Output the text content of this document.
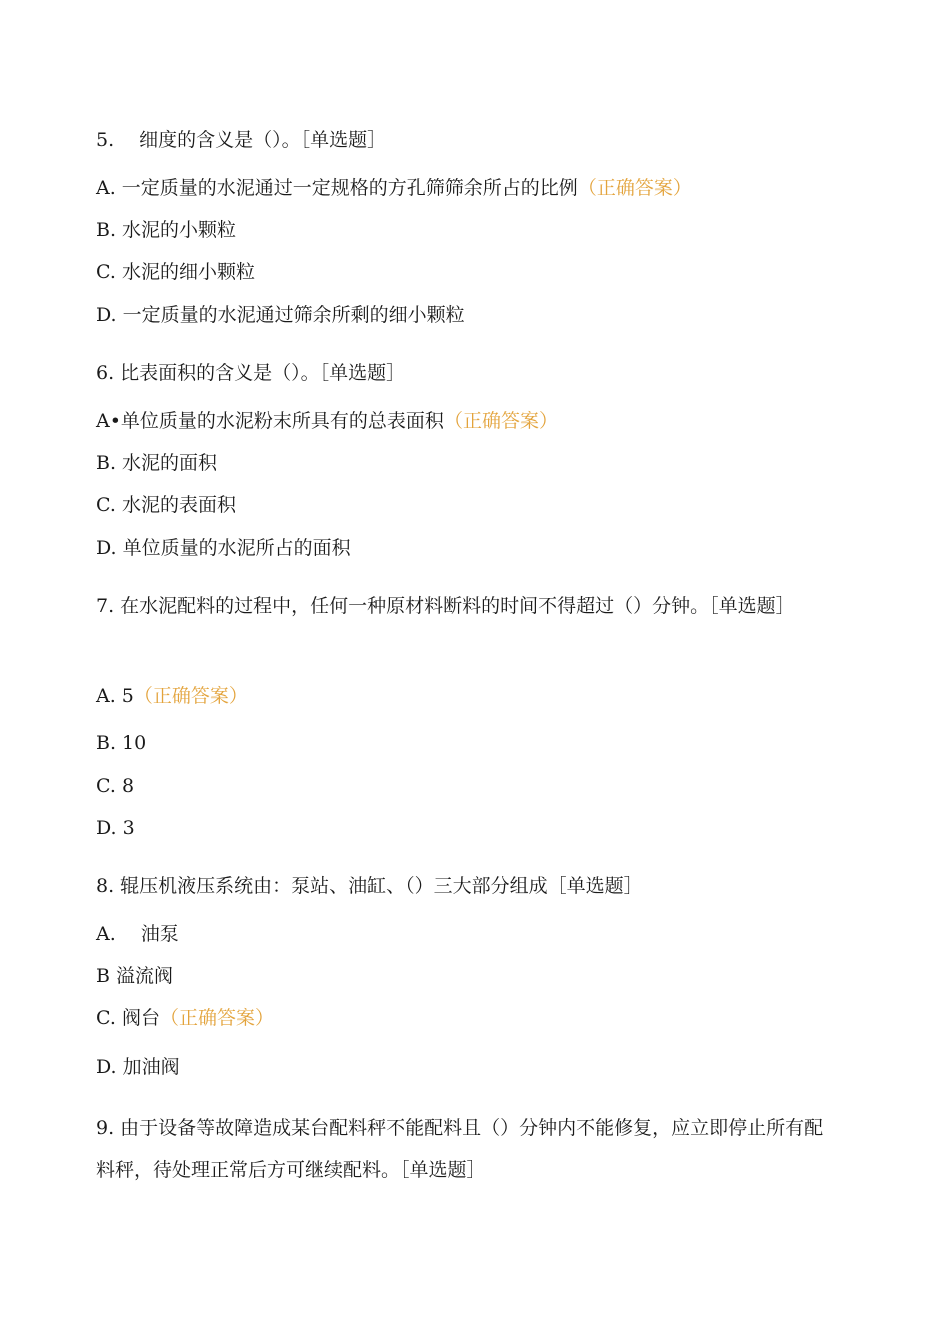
5.　 细度的含义是（）。［单选题］
A. 一定质量的水泥通过一定规格的方孔筛筛余所占的比例（正确答案）
B. 水泥的小颗粒
C. 水泥的细小颗粒
D. 一定质量的水泥通过筛余所剩的细小颗粒
6. 比表面积的含义是（）。［单选题］
A•单位质量的水泥粉末所具有的总表面积（正确答案）
B. 水泥的面积
C. 水泥的表面积
D. 单位质量的水泥所占的面积
7. 在水泥配料的过程中，任何一种原材料断料的时间不得超过（）分钟。［单选题］
A. 5（正确答案）
B. 10
C. 8
D. 3
8. 辊压机液压系统由：泵站、油缸、（）三大部分组成［单选题］
A.　 油泵
B 溢流阀
C. 阀台（正确答案）
D. 加油阀
9. 由于设备等故障造成某台配料秤不能配料且（）分钟内不能修复，应立即停止所有配料秤，待处理正常后方可继续配料。［单选题］
